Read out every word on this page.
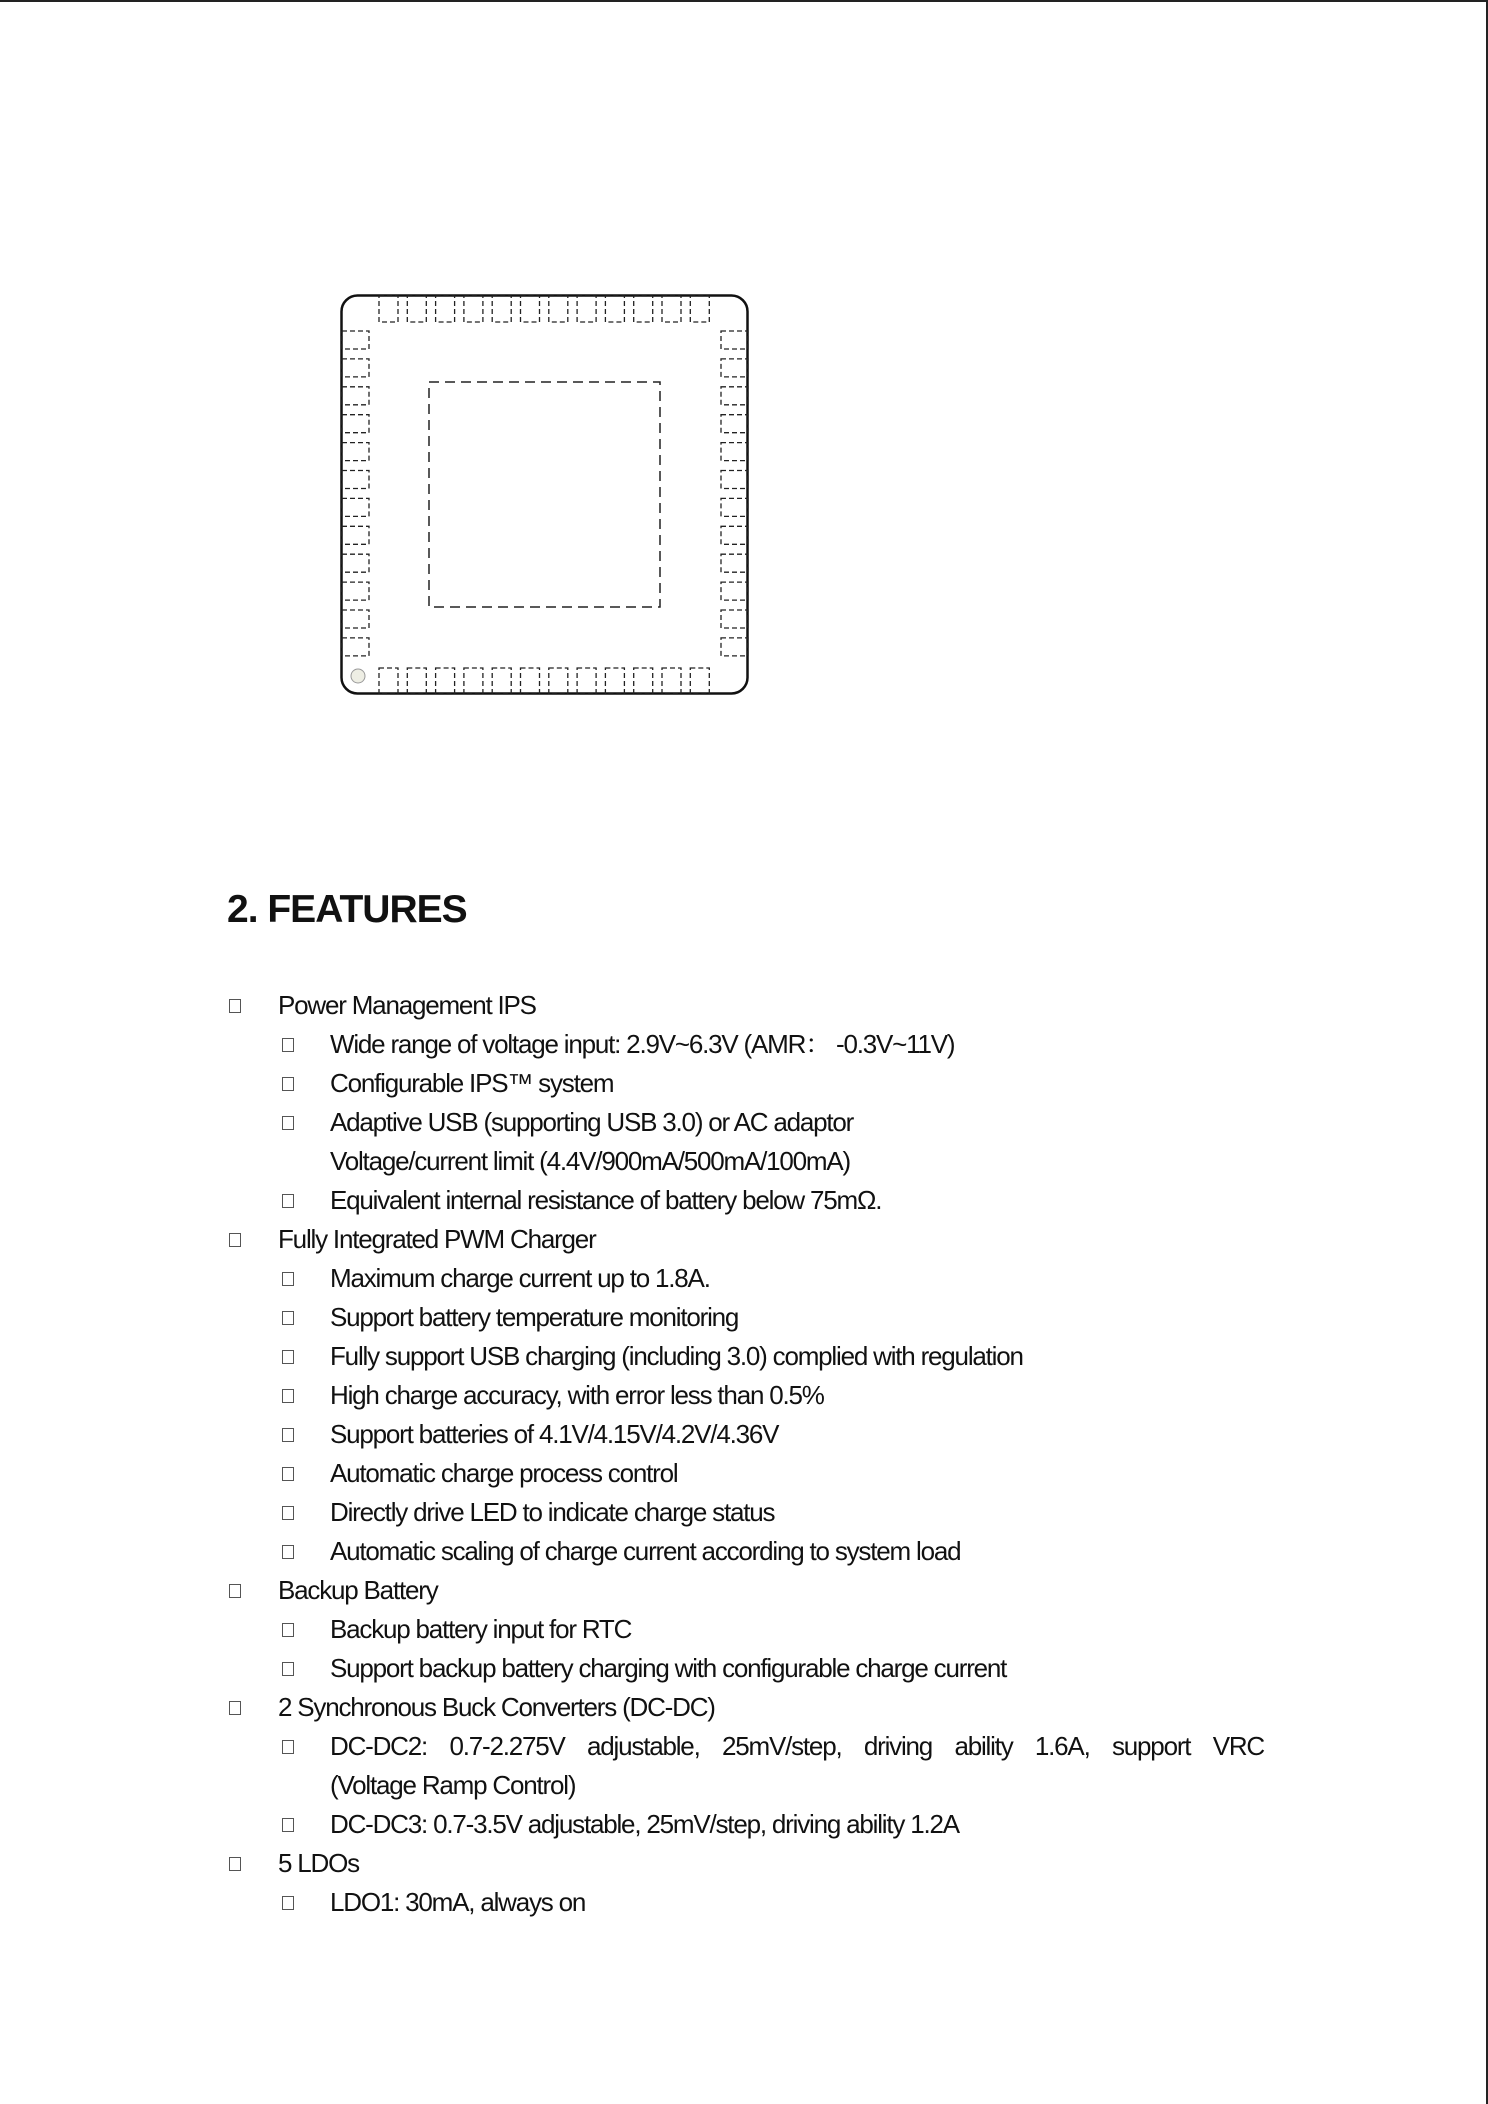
2. FEATURES
Power Management IPS
Wide range of voltage input: 2.9V~6.3V (AMR： -0.3V~11V)
Configurable IPS™ system
Adaptive USB (supporting USB 3.0) or AC adaptor
Voltage/current limit (4.4V/900mA/500mA/100mA)
Equivalent internal resistance of battery below 75mΩ.
Fully Integrated PWM Charger
Maximum charge current up to 1.8A.
Support battery temperature monitoring
Fully support USB charging (including 3.0) complied with regulation
High charge accuracy, with error less than 0.5%
Support batteries of 4.1V/4.15V/4.2V/4.36V
Automatic charge process control
Directly drive LED to indicate charge status
Automatic scaling of charge current according to system load
Backup Battery
Backup battery input for RTC
Support backup battery charging with configurable charge current
2 Synchronous Buck Converters (DC-DC)
DC-DC2: 0.7-2.275V adjustable, 25mV/step, driving ability 1.6A, support VRC
(Voltage Ramp Control)
DC-DC3: 0.7-3.5V adjustable, 25mV/step, driving ability 1.2A
5 LDOs
LDO1: 30mA, always on
